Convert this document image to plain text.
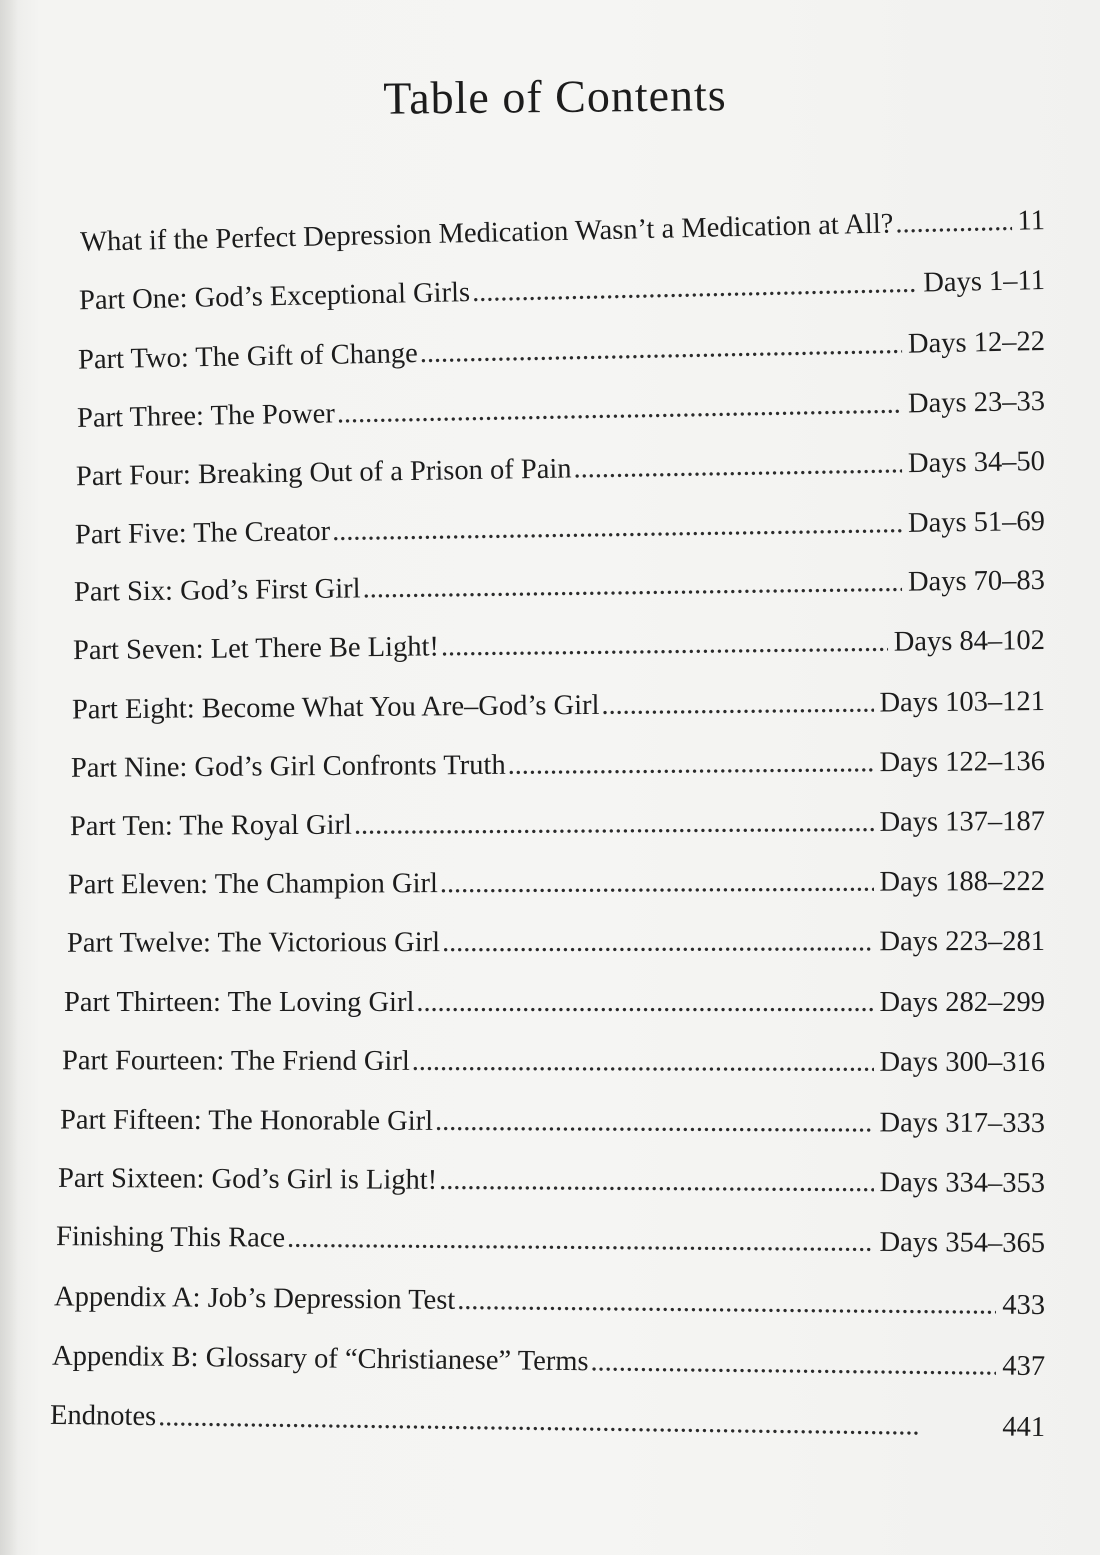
Table of Contents
What if the Perfect Depression Medication Wasn’t a Medication at All? . . .	11
Part One: God’s Exceptional Girls . . .	Days 1–11
Part Two: The Gift of Change . . .	Days 12–22
Part Three: The Power . . .	Days 23–33
Part Four: Breaking Out of a Prison of Pain . . .	Days 34–50
Part Five: The Creator . . .	Days 51–69
Part Six: God’s First Girl . . .	Days 70–83
Part Seven: Let There Be Light! . . .	Days 84–102
Part Eight: Become What You Are–God’s Girl . . .	Days 103–121
Part Nine: God’s Girl Confronts Truth . . .	Days 122–136
Part Ten: The Royal Girl . . .	Days 137–187
Part Eleven: The Champion Girl . . .	Days 188–222
Part Twelve: The Victorious Girl . . .	Days 223–281
Part Thirteen: The Loving Girl . . .	Days 282–299
Part Fourteen: The Friend Girl . . .	Days 300–316
Part Fifteen: The Honorable Girl . . .	Days 317–333
Part Sixteen: God’s Girl is Light! . . .	Days 334–353
Finishing This Race . . .	Days 354–365
Appendix A: Job’s Depression Test . . .	433
Appendix B: Glossary of “Christianese” Terms . . .	437
Endnotes . . .	441
